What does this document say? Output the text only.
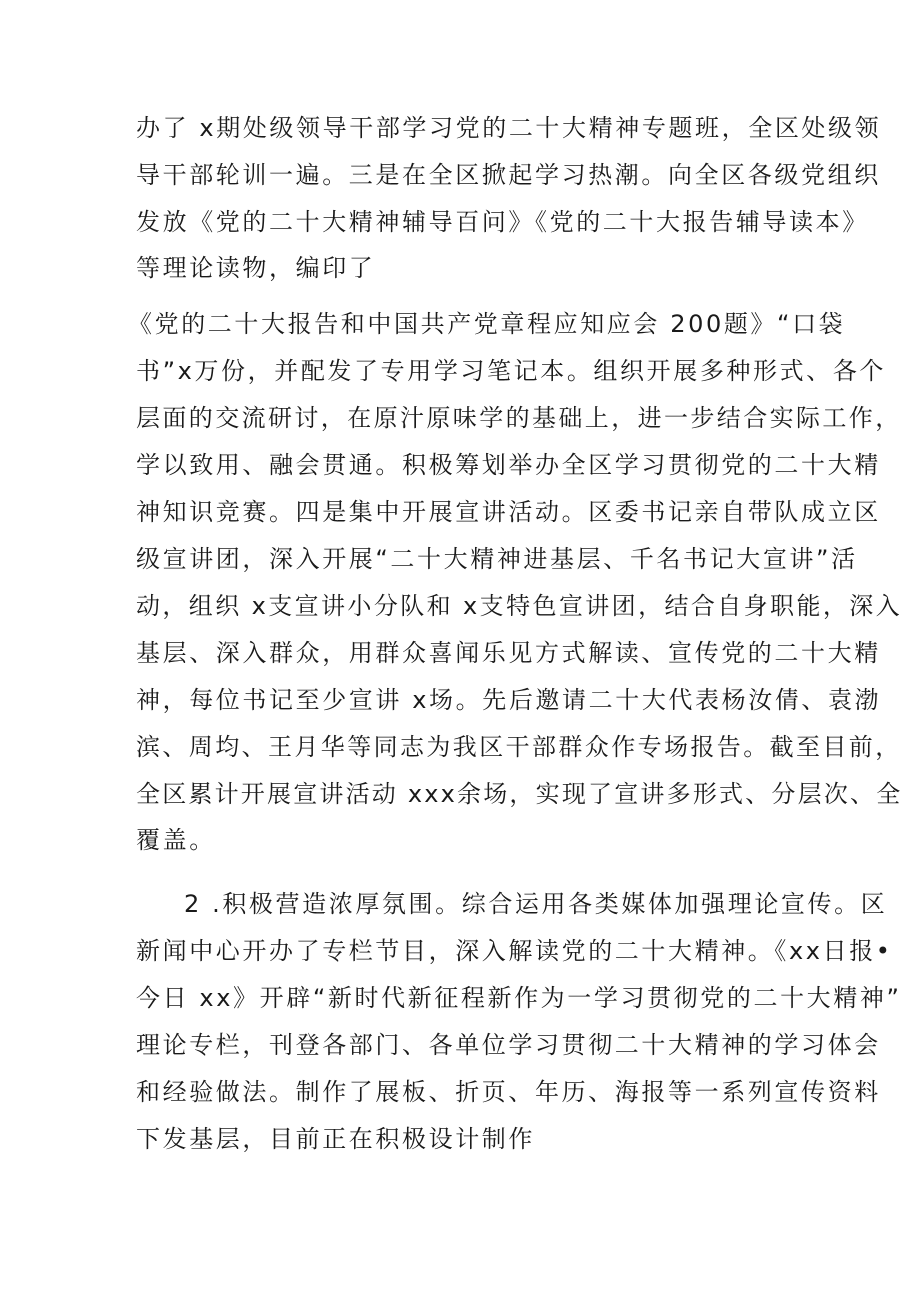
办了 x期处级领导干部学习党的二十大精神专题班，全区处级领
导干部轮训一遍。三是在全区掀起学习热潮。向全区各级党组织
发放《党的二十大精神辅导百问》《党的二十大报告辅导读本》
等理论读物，编印了
《党的二十大报告和中国共产党章程应知应会 200题》“口袋
书”x万份，并配发了专用学习笔记本。组织开展多种形式、各个
层面的交流研讨，在原汁原味学的基础上，进一步结合实际工作，
学以致用、融会贯通。积极筹划举办全区学习贯彻党的二十大精
神知识竞赛。四是集中开展宣讲活动。区委书记亲自带队成立区
级宣讲团，深入开展“二十大精神进基层、千名书记大宣讲”活
动，组织 x支宣讲小分队和 x支特色宣讲团，结合自身职能，深入
基层、深入群众，用群众喜闻乐见方式解读、宣传党的二十大精
神，每位书记至少宣讲 x场。先后邀请二十大代表杨汝倩、袁渤
滨、周均、王月华等同志为我区干部群众作专场报告。截至目前，
全区累计开展宣讲活动 xxx余场，实现了宣讲多形式、分层次、全
覆盖。
2 .积极营造浓厚氛围。综合运用各类媒体加强理论宣传。区
新闻中心开办了专栏节目，深入解读党的二十大精神。《xx日报•
今日 xx》开辟“新时代新征程新作为一学习贯彻党的二十大精神”
理论专栏，刊登各部门、各单位学习贯彻二十大精神的学习体会
和经验做法。制作了展板、折页、年历、海报等一系列宣传资料
下发基层，目前正在积极设计制作
